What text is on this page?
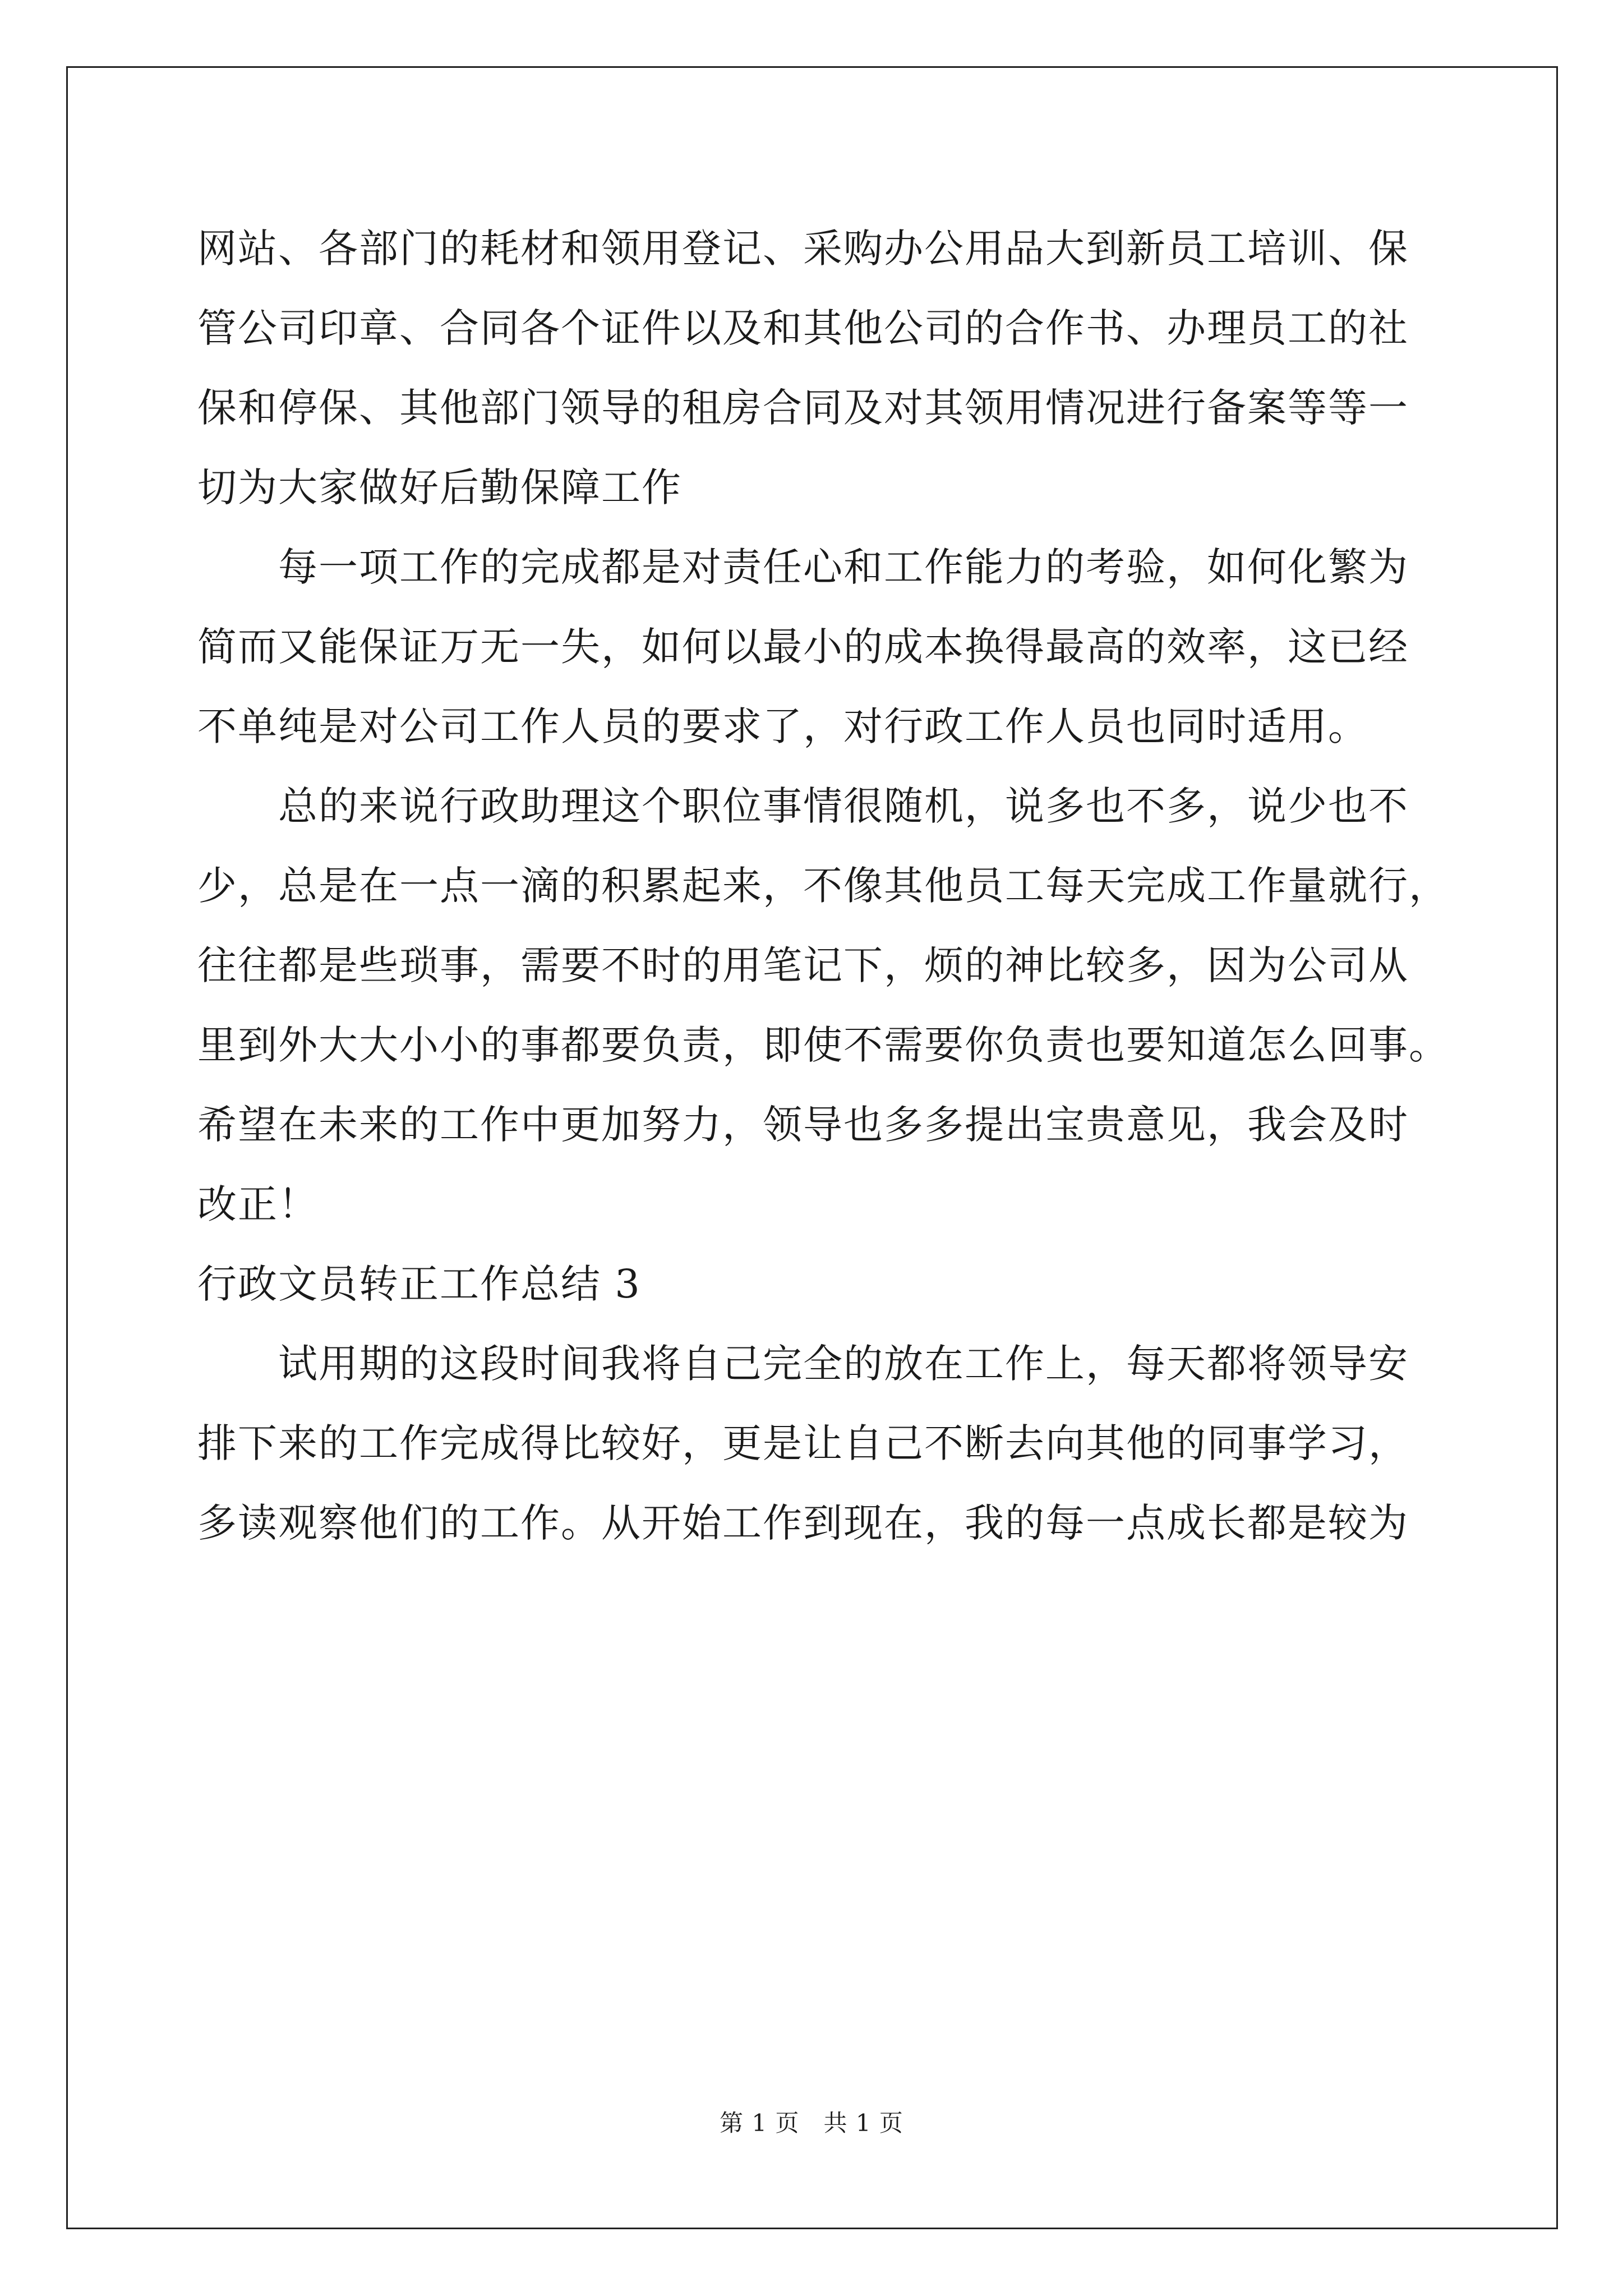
网站、各部门的耗材和领用登记、采购办公用品大到新员工培训、保

管公司印章、合同各个证件以及和其他公司的合作书、办理员工的社

保和停保、其他部门领导的租房合同及对其领用情况进行备案等等一

切为大家做好后勤保障工作

每一项工作的完成都是对责任心和工作能力的考验，如何化繁为

简而又能保证万无一失，如何以最小的成本换得最高的效率，这已经

不单纯是对公司工作人员的要求了，对行政工作人员也同时适用。

总的来说行政助理这个职位事情很随机，说多也不多，说少也不

少，总是在一点一滴的积累起来，不像其他员工每天完成工作量就行，

往往都是些琐事，需要不时的用笔记下，烦的神比较多，因为公司从

里到外大大小小的事都要负责，即使不需要你负责也要知道怎么回事。

希望在未来的工作中更加努力，领导也多多提出宝贵意见，我会及时

改正！

行政文员转正工作总结 3

试用期的这段时间我将自己完全的放在工作上，每天都将领导安

排下来的工作完成得比较好，更是让自己不断去向其他的同事学习，

多读观察他们的工作。从开始工作到现在，我的每一点成长都是较为

第 1 页　共 1 页
